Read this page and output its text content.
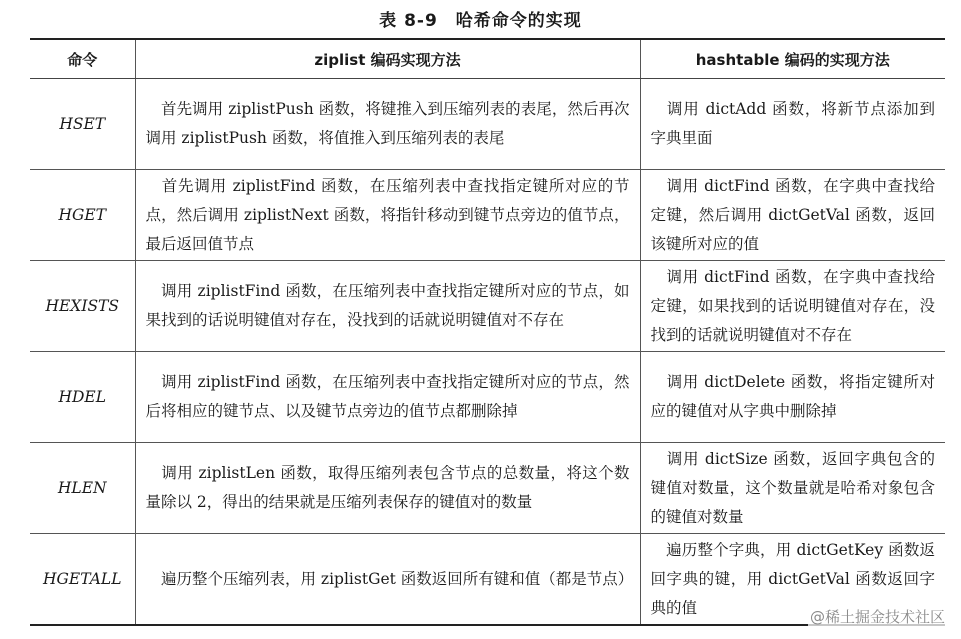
表 8-9　哈希命令的实现
命令	ziplist 编码实现方法	hashtable 编码的实现方法
HSET	　首先调用 ziplistPush 函数，将键推入到压缩列表的表尾，然后再次调用 ziplistPush 函数，将值推入到压缩列表的表尾	　调用 dictAdd 函数，将新节点添加到字典里面
HGET	　首先调用 ziplistFind 函数，在压缩列表中查找指定键所对应的节点，然后调用 ziplistNext 函数，将指针移动到键节点旁边的值节点，最后返回值节点	　调用 dictFind 函数，在字典中查找给定键，然后调用 dictGetVal 函数，返回该键所对应的值
HEXISTS	　调用 ziplistFind 函数，在压缩列表中查找指定键所对应的节点，如果找到的话说明键值对存在，没找到的话就说明键值对不存在	　调用 dictFind 函数，在字典中查找给定键，如果找到的话说明键值对存在，没找到的话就说明键值对不存在
HDEL	　调用 ziplistFind 函数，在压缩列表中查找指定键所对应的节点，然后将相应的键节点、以及键节点旁边的值节点都删除掉	　调用 dictDelete 函数，将指定键所对应的键值对从字典中删除掉
HLEN	　调用 ziplistLen 函数，取得压缩列表包含节点的总数量，将这个数量除以 2，得出的结果就是压缩列表保存的键值对的数量	　调用 dictSize 函数，返回字典包含的键值对数量，这个数量就是哈希对象包含的键值对数量
HGETALL	　遍历整个压缩列表，用 ziplistGet 函数返回所有键和值（都是节点）	　遍历整个字典，用 dictGetKey 函数返回字典的键，用 dictGetVal 函数返回字典的值
@稀土掘金技术社区
